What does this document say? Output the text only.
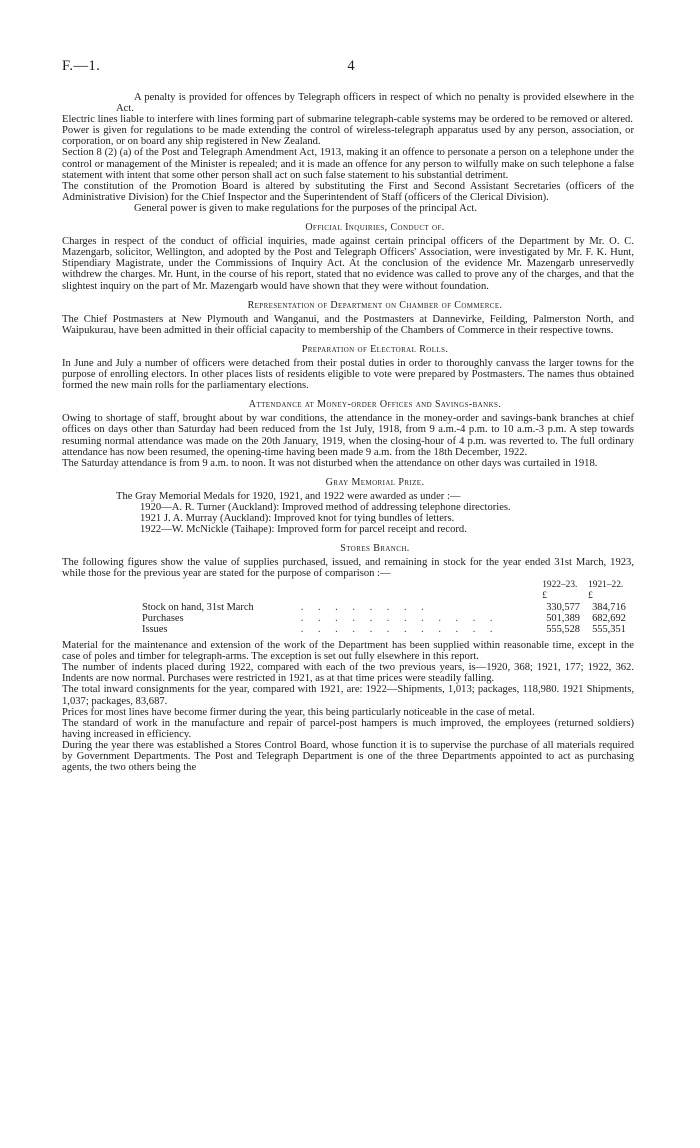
F.—1.	4

A penalty is provided for offences by Telegraph officers in respect of which no penalty is provided elsewhere in the Act.

Electric lines liable to interfere with lines forming part of submarine telegraph-cable systems may be ordered to be removed or altered.

Power is given for regulations to be made extending the control of wireless-telegraph apparatus used by any person, association, or corporation, or on board any ship registered in New Zealand.

Section 8 (2) (a) of the Post and Telegraph Amendment Act, 1913, making it an offence to personate a person on a telephone under the control or management of the Minister is repealed; and it is made an offence for any person to wilfully make on such telephone a false statement with intent that some other person shall act on such false statement to his substantial detriment.

The constitution of the Promotion Board is altered by substituting the First and Second Assistant Secretaries (officers of the Administrative Division) for the Chief Inspector and the Superintendent of Staff (officers of the Clerical Division).

General power is given to make regulations for the purposes of the principal Act.

Official Inquiries, Conduct of.

Charges in respect of the conduct of official inquiries, made against certain principal officers of the Department by Mr. O. C. Mazengarb, solicitor, Wellington, and adopted by the Post and Telegraph Officers' Association, were investigated by Mr. F. K. Hunt, Stipendiary Magistrate, under the Commissions of Inquiry Act. At the conclusion of the evidence Mr. Mazengarb unreservedly withdrew the charges. Mr. Hunt, in the course of his report, stated that no evidence was called to prove any of the charges, and that the slightest inquiry on the part of Mr. Mazengarb would have shown that they were without foundation.

Representation of Department on Chamber of Commerce.

The Chief Postmasters at New Plymouth and Wanganui, and the Postmasters at Dannevirke, Feilding, Palmerston North, and Waipukurau, have been admitted in their official capacity to membership of the Chambers of Commerce in their respective towns.

Preparation of Electoral Rolls.

In June and July a number of officers were detached from their postal duties in order to thoroughly canvass the larger towns for the purpose of enrolling electors. In other places lists of residents eligible to vote were prepared by Postmasters. The names thus obtained formed the new main rolls for the parliamentary elections.

Attendance at Money-order Offices and Savings-banks.

Owing to shortage of staff, brought about by war conditions, the attendance in the money-order and savings-bank branches at chief offices on days other than Saturday had been reduced from the 1st July, 1918, from 9 a.m.-4 p.m. to 10 a.m.-3 p.m. A step towards resuming normal attendance was made on the 20th January, 1919, when the closing-hour of 4 p.m. was reverted to. The full ordinary attendance has now been resumed, the opening-time having been made 9 a.m. from the 18th December, 1922.

The Saturday attendance is from 9 a.m. to noon. It was not disturbed when the attendance on other days was curtailed in 1918.

Gray Memorial Prize.

The Gray Memorial Medals for 1920, 1921, and 1922 were awarded as under :—

1920—A. R. Turner (Auckland): Improved method of addressing telephone directories.

1921 J. A. Murray (Auckland): Improved knot for tying bundles of letters.

1922—W. McNickle (Taihape): Improved form for parcel receipt and record.

Stores Branch.

The following figures show the value of supplies purchased, issued, and remaining in stock for the year ended 31st March, 1923, while those for the previous year are stated for the purpose of comparison :—

		1922–23.	1921–22.
		£	£
Stock on hand, 31st March	. . . . . . . .	330,577	384,716
Purchases	. . . . . . . . . . . .	501,389	682,692
Issues	. . . . . . . . . . . .	555,528	555,351

Material for the maintenance and extension of the work of the Department has been supplied within reasonable time, except in the case of poles and timber for telegraph-arms. The exception is set out fully elsewhere in this report.

The number of indents placed during 1922, compared with each of the two previous years, is—1920, 368; 1921, 177; 1922, 362. Indents are now normal. Purchases were restricted in 1921, as at that time prices were steadily falling.

The total inward consignments for the year, compared with 1921, are: 1922—Shipments, 1,013; packages, 118,980. 1921 Shipments, 1,037; packages, 83,687.

Prices for most lines have become firmer during the year, this being particularly noticeable in the case of metal.

The standard of work in the manufacture and repair of parcel-post hampers is much improved, the employees (returned soldiers) having increased in efficiency.

During the year there was established a Stores Control Board, whose function it is to supervise the purchase of all materials required by Government Departments. The Post and Telegraph Department is one of the three Departments appointed to act as purchasing agents, the two others being the
